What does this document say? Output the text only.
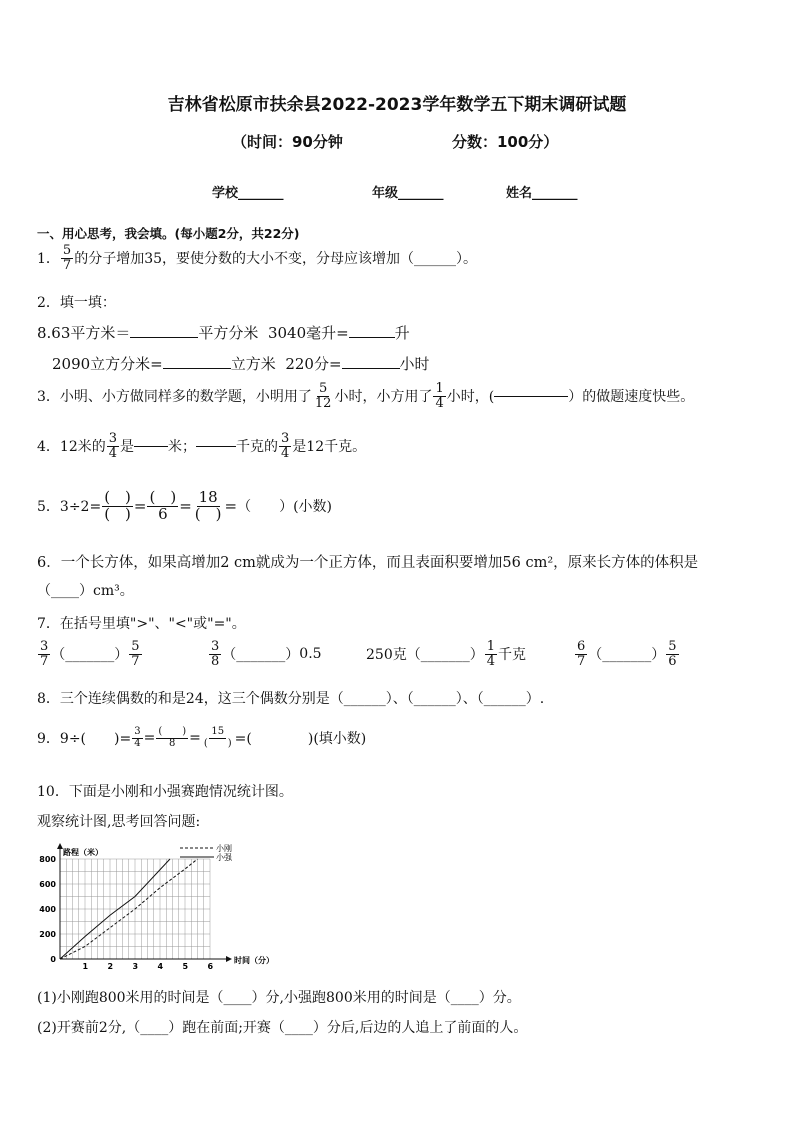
吉林省松原市扶余县2022-2023学年数学五下期末调研试题
（时间：90分钟	分数：100分）
学校_______	年级_______	姓名_______
一、用心思考，我会填。(每小题2分，共22分)
1． $\frac{5}{7}$ 的分子增加35，要使分数的大小不变，分母应该增加（______）。
2．填一填：
8.63平方米＝	平方分米 3040毫升=	升
2090立方分米=	立方米 220分=	小时
3．小明、小方做同样多的数学题，小明用了 $\frac{5}{12}$ 小时，小方用了 $\frac{1}{4}$ 小时，(	）的做题速度快些。
4．12米的 $\frac{3}{4}$ 是 米；	千克的 $\frac{3}{4}$ 是12千克。
5．$3\div 2= \frac{( )}{( )} = \frac{( )}{6} = \frac{18}{( )}$ = （　　）(小数)
6．一个长方体，如果高增加2 cm就成为一个正方体，而且表面积要增加56 cm²，原来长方体的体积是
（____）cm³。
7．在括号里填">"、"<"或"="。
$\frac{3}{7}$ （_______） $\frac{5}{7}$	$\frac{3}{8}$ （_______） 0.5	250克 （_______） $\frac{1}{4}$ 千克	$\frac{6}{7}$ （_______） $\frac{5}{6}$
8．三个连续偶数的和是24，这三个偶数分别是（______）、（______）、（______）.
9．9÷(　　)= $\frac{3}{4} = \frac{( )}{8} = \frac{15}{( )}$ =(　　　　)(填小数)
10．下面是小刚和小强赛跑情况统计图。
观察统计图,思考回答问题:
路程（米）
时间（分）
1 2 3 4 5 6
0
200
400
600
800
小刚
小强
(1)小刚跑800米用的时间是（____）分,小强跑800米用的时间是（____）分。
(2)开赛前2分,（____）跑在前面;开赛（____）分后,后边的人追上了前面的人。
